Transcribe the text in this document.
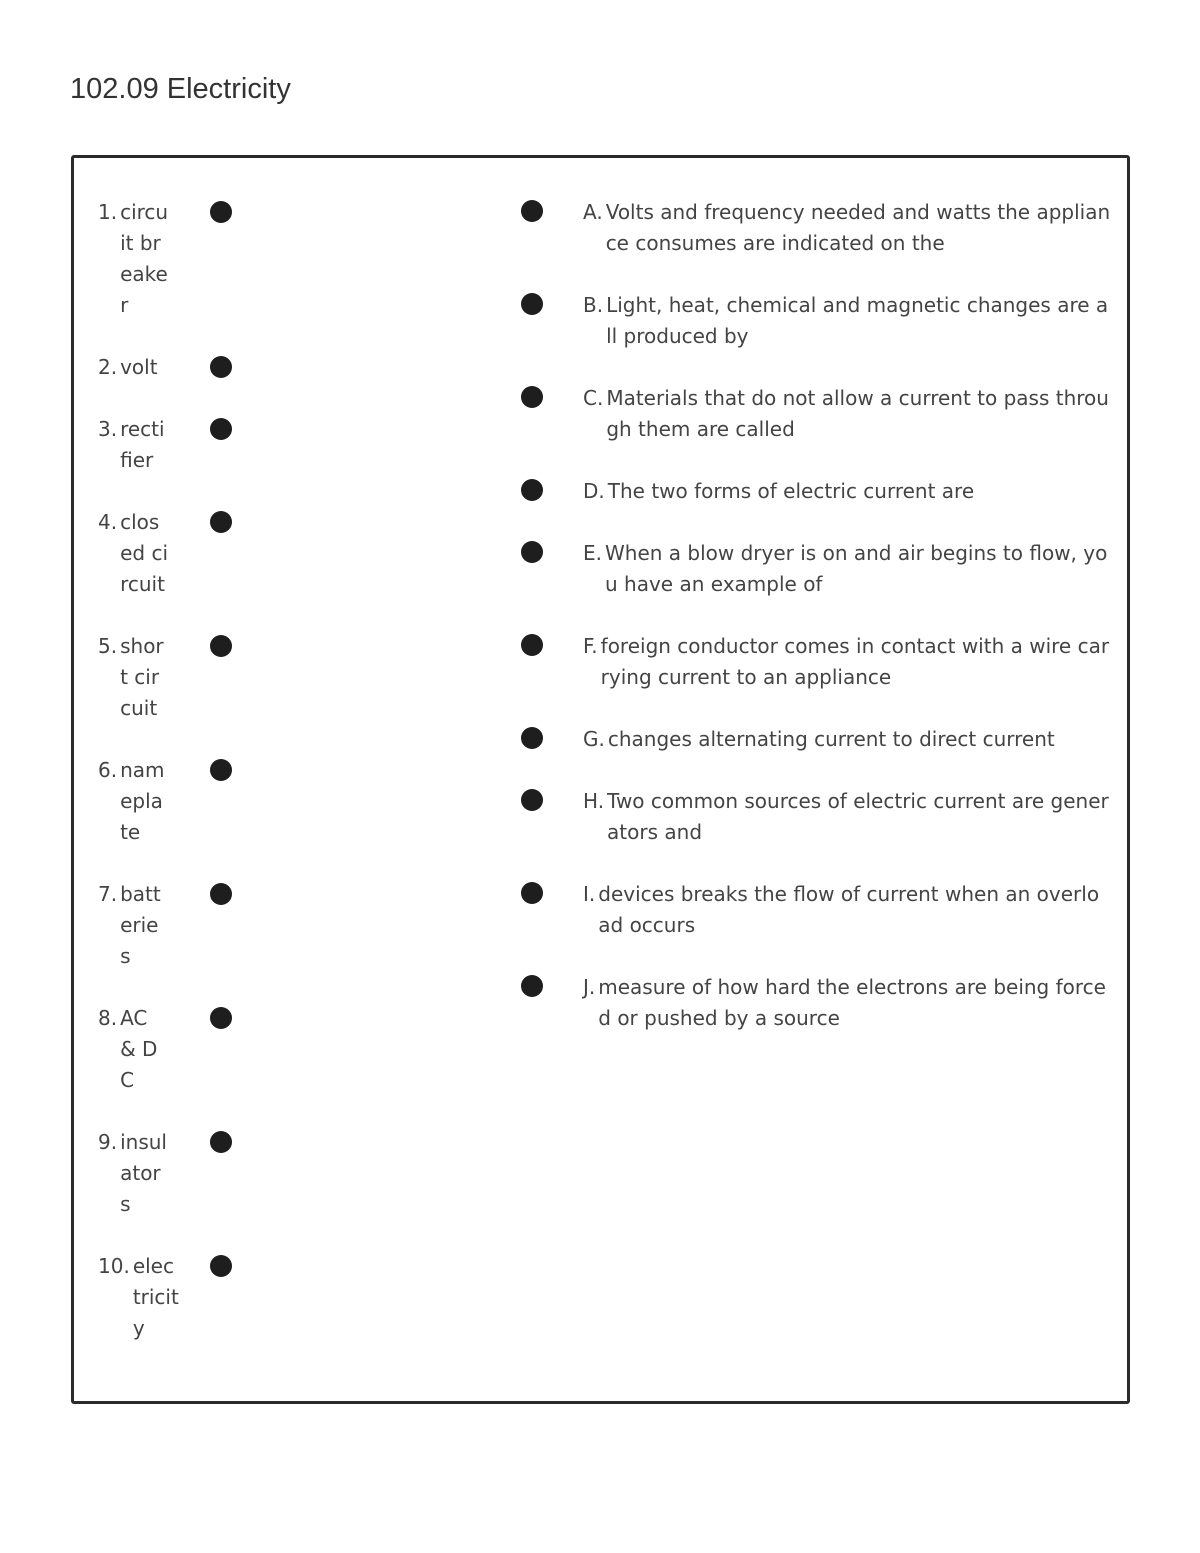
102.09 Electricity
1. circuit breaker
2. volt
3. rectifier
4. closed circuit
5. short circuit
6. nameplate
7. batteries
8. AC & DC
9. insulators
10. electricity
A. Volts and frequency needed and watts the appliance consumes are indicated on the
B. Light, heat, chemical and magnetic changes are all produced by
C. Materials that do not allow a current to pass through them are called
D. The two forms of electric current are
E. When a blow dryer is on and air begins to flow, you have an example of
F. foreign conductor comes in contact with a wire carrying current to an appliance
G. changes alternating current to direct current
H. Two common sources of electric current are generators and
I. devices breaks the flow of current when an overload occurs
J. measure of how hard the electrons are being forced or pushed by a source
